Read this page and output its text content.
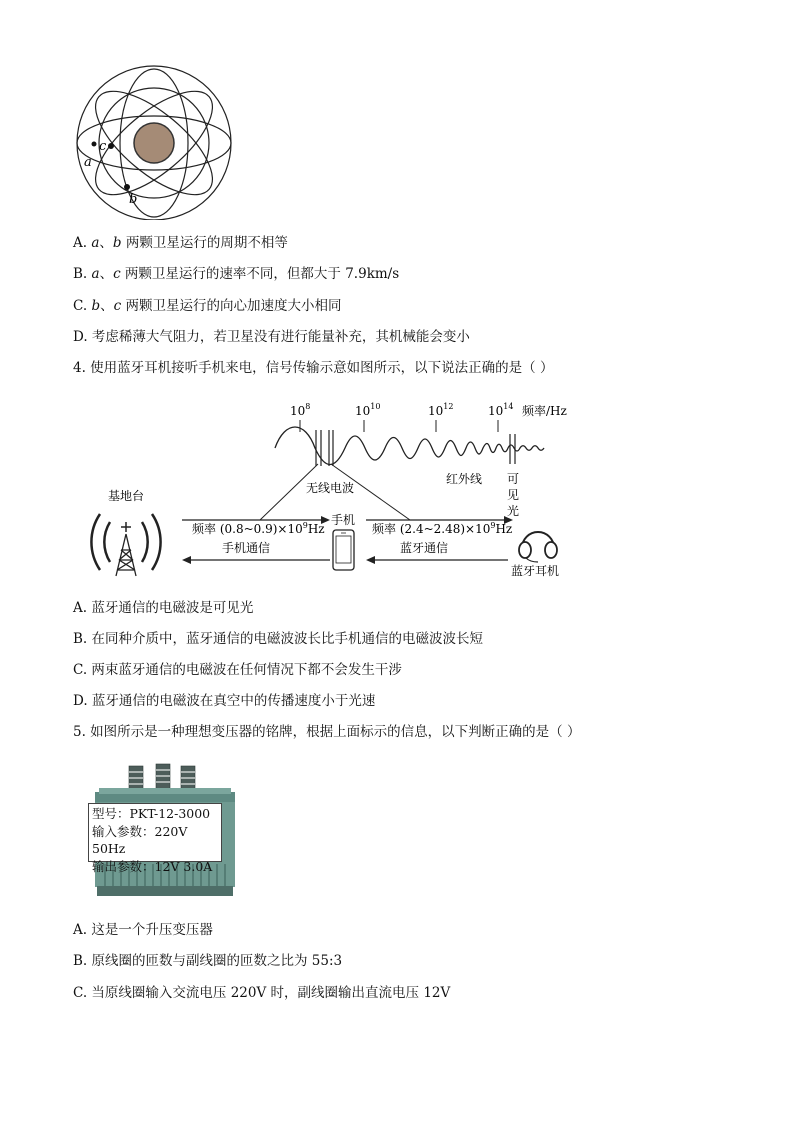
c
a
b
A. a、b 两颗卫星运行的周期不相等
B. a、c 两颗卫星运行的速率不同，但都大于 7.9km/s
C. b、c 两颗卫星运行的向心加速度大小相同
D. 考虑稀薄大气阻力，若卫星没有进行能量补充，其机械能会变小
4. 使用蓝牙耳机接听手机来电，信号传输示意如图所示，以下说法正确的是（ ）
$10^8$	$10^{10}$	$10^{12}$	$10^{14}$ 频率/Hz
红外线 可
见
光
无线电波
基地台
频率 $(0.8\sim 0.9)\times 10^9Hz$
手机通信
手机
频率 $(2.4\sim 2.48)\times 10^9Hz$
蓝牙通信
蓝牙耳机
A. 蓝牙通信的电磁波是可见光
B. 在同种介质中，蓝牙通信的电磁波波长比手机通信的电磁波波长短
C. 两束蓝牙通信的电磁波在任何情况下都不会发生干涉
D. 蓝牙通信的电磁波在真空中的传播速度小于光速
5. 如图所示是一种理想变压器的铭牌，根据上面标示的信息，以下判断正确的是（ ）
型号：PKT-12-3000
输入参数：220V 50Hz
输出参数：12V 3.0A
A. 这是一个升压变压器
B. 原线圈的匝数与副线圈的匝数之比为 55:3
C. 当原线圈输入交流电压 220V 时，副线圈输出直流电压 12V
